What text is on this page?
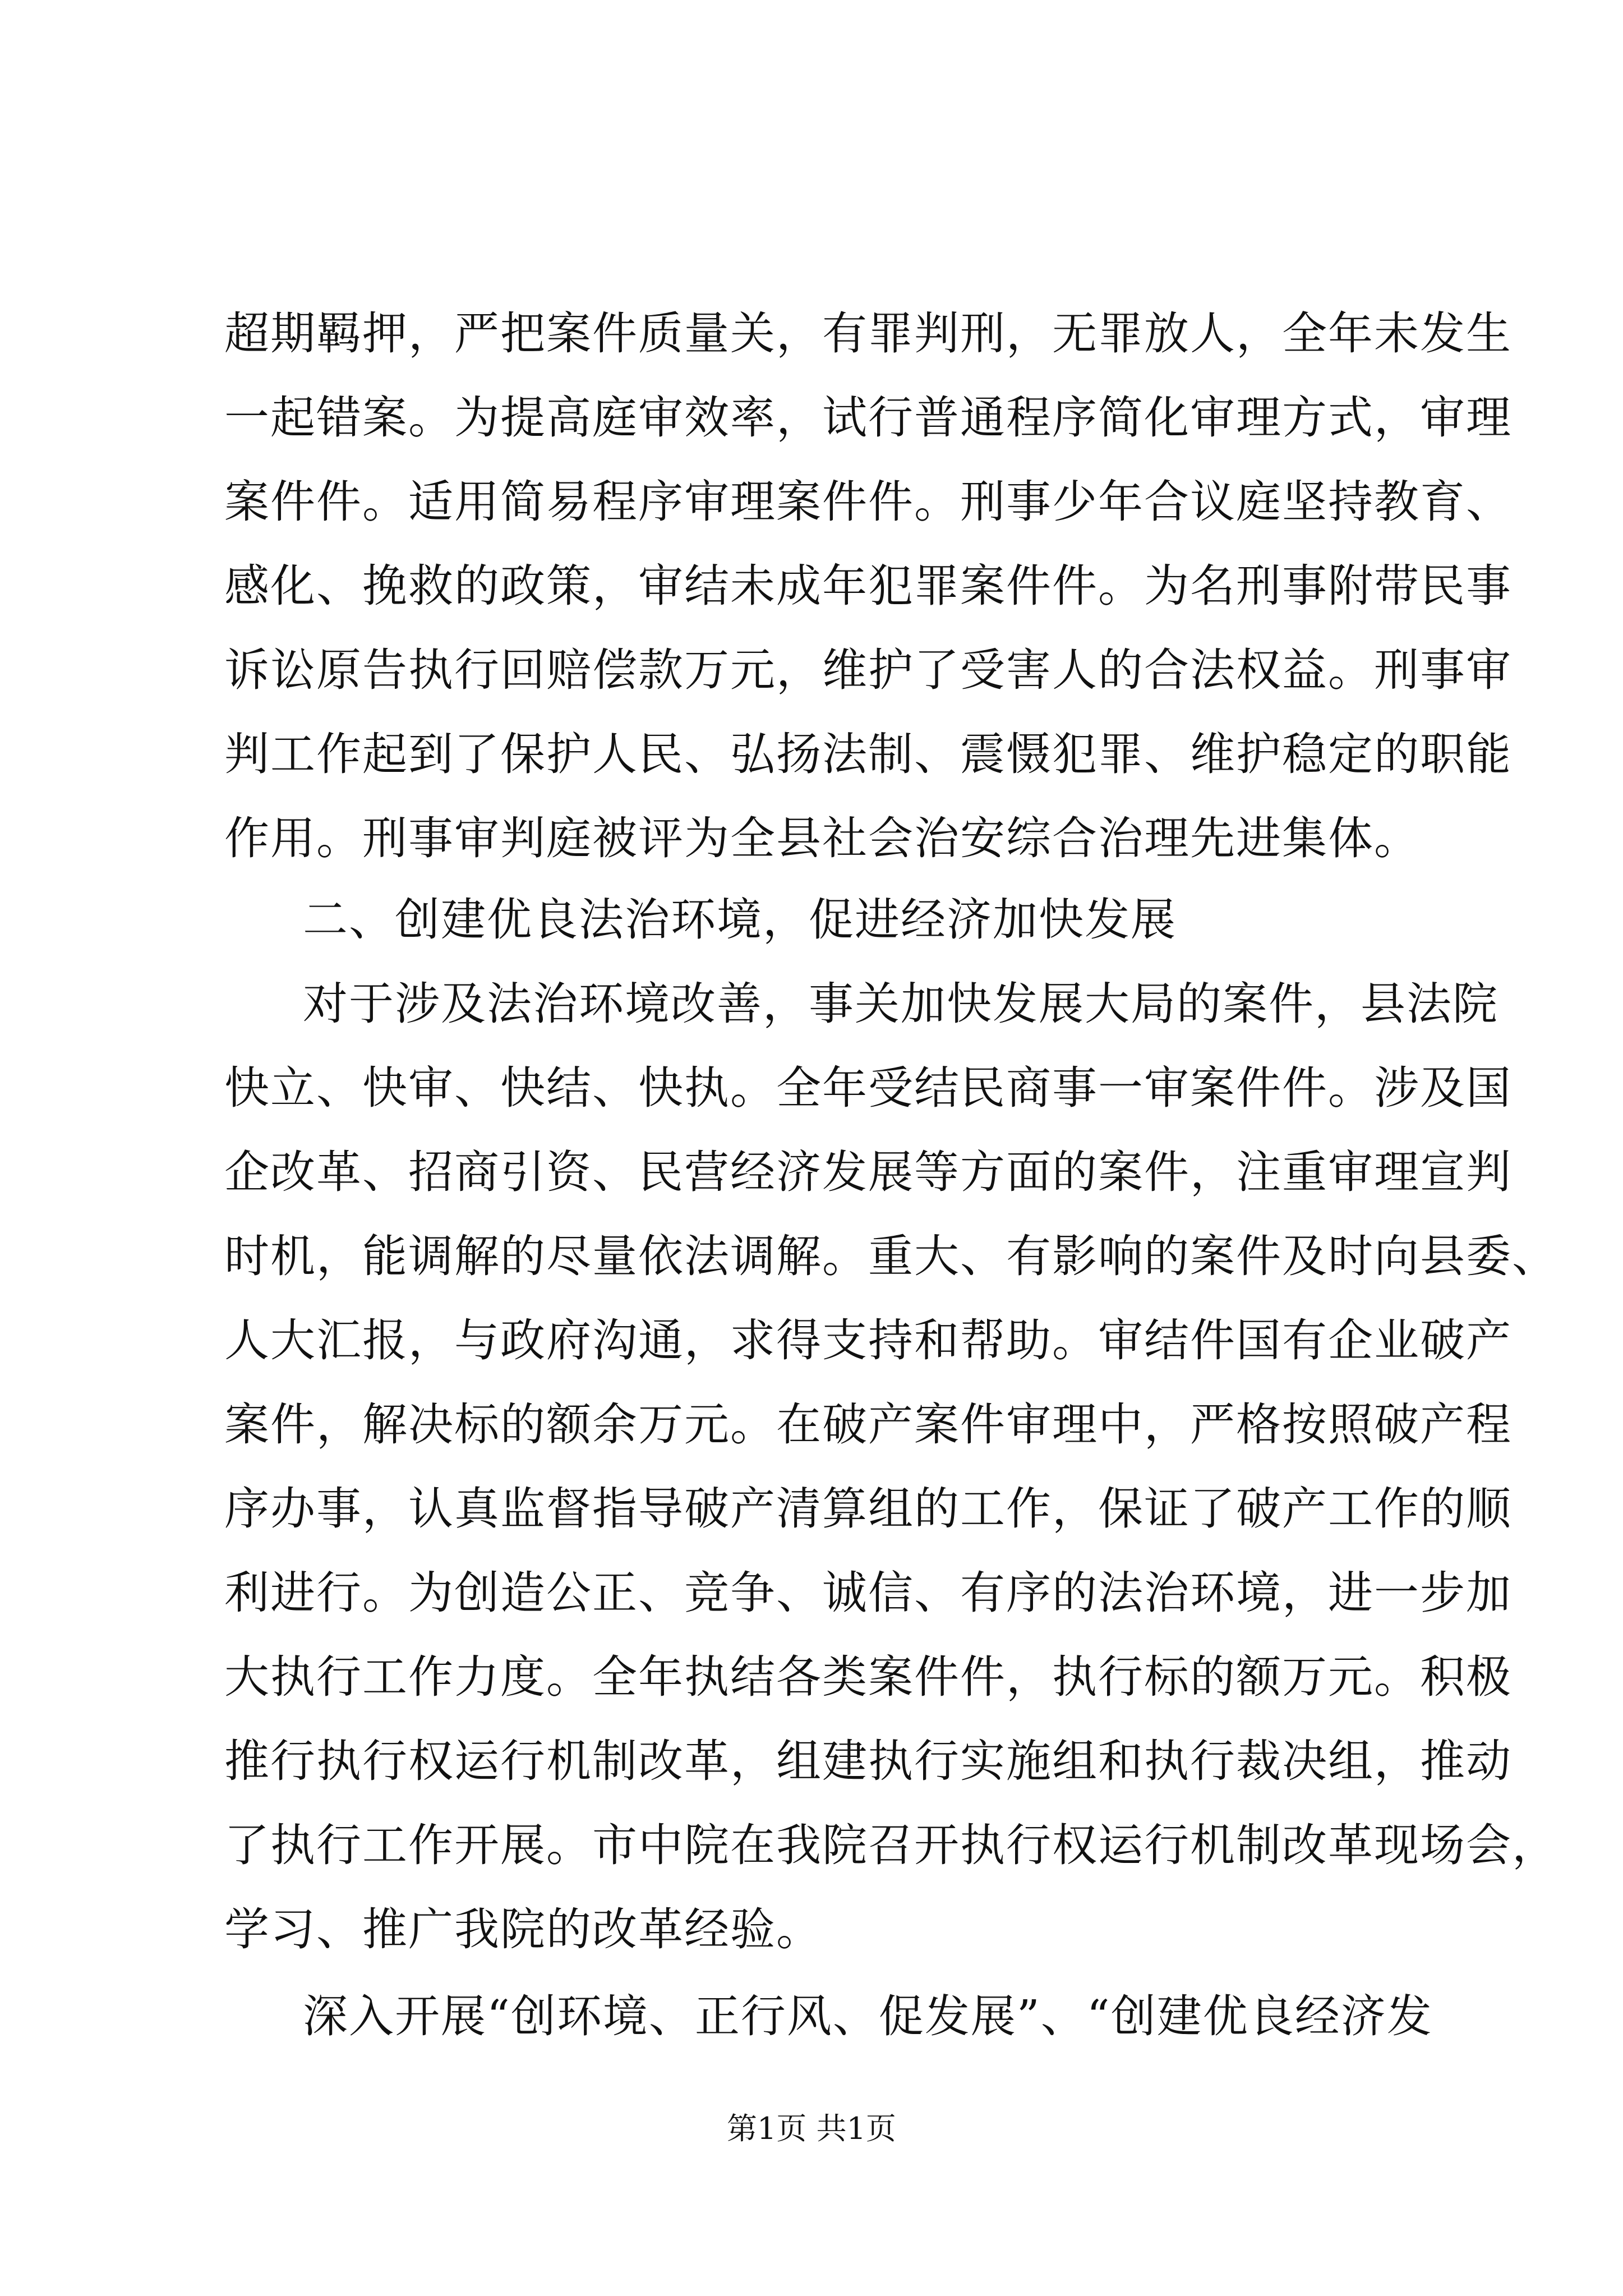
超期羁押，严把案件质量关，有罪判刑，无罪放人，全年未发生
一起错案。为提高庭审效率，试行普通程序简化审理方式，审理
案件件。适用简易程序审理案件件。刑事少年合议庭坚持教育、
感化、挽救的政策，审结未成年犯罪案件件。为名刑事附带民事
诉讼原告执行回赔偿款万元，维护了受害人的合法权益。刑事审
判工作起到了保护人民、弘扬法制、震慑犯罪、维护稳定的职能
作用。刑事审判庭被评为全县社会治安综合治理先进集体。
二、创建优良法治环境，促进经济加快发展
对于涉及法治环境改善，事关加快发展大局的案件，县法院
快立、快审、快结、快执。全年受结民商事一审案件件。涉及国
企改革、招商引资、民营经济发展等方面的案件，注重审理宣判
时机，能调解的尽量依法调解。重大、有影响的案件及时向县委、
人大汇报，与政府沟通，求得支持和帮助。审结件国有企业破产
案件，解决标的额余万元。在破产案件审理中，严格按照破产程
序办事，认真监督指导破产清算组的工作，保证了破产工作的顺
利进行。为创造公正、竞争、诚信、有序的法治环境，进一步加
大执行工作力度。全年执结各类案件件，执行标的额万元。积极
推行执行权运行机制改革，组建执行实施组和执行裁决组，推动
了执行工作开展。市中院在我院召开执行权运行机制改革现场会，
学习、推广我院的改革经验。
深入开展“创环境、正行风、促发展”、“创建优良经济发
第1页 共1页
